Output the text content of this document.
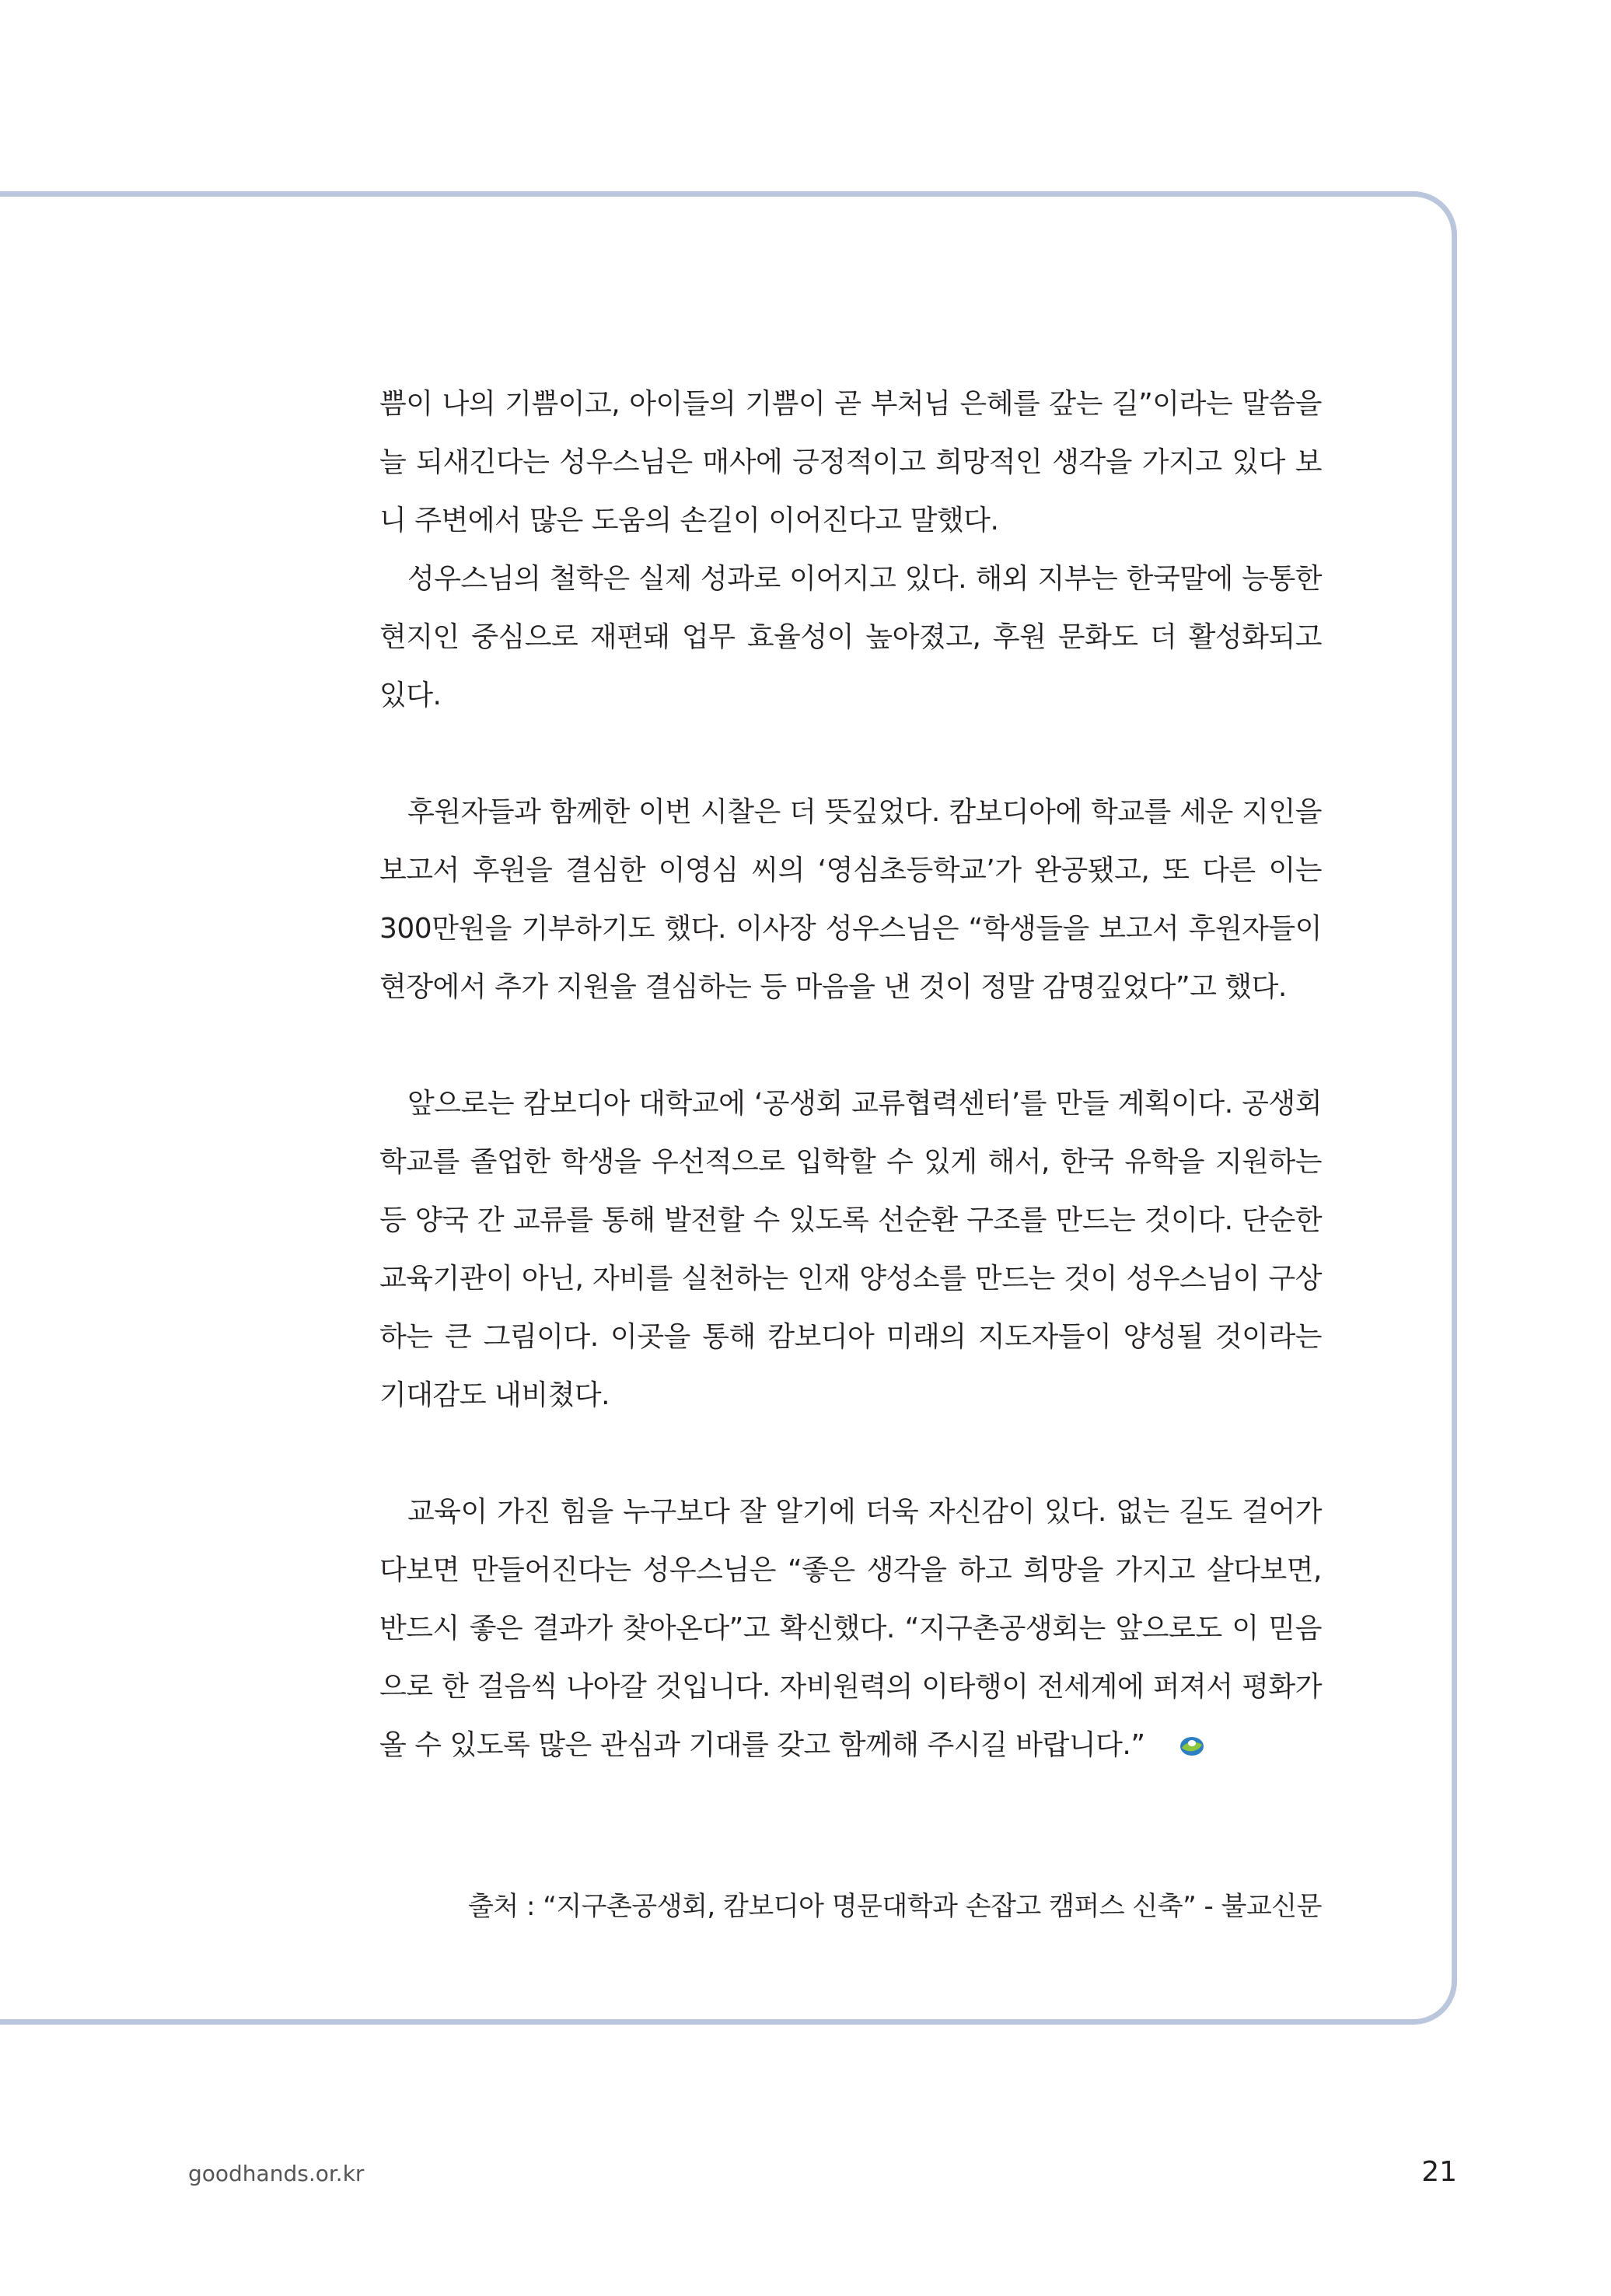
쁨이 나의 기쁨이고, 아이들의 기쁨이 곧 부처님 은혜를 갚는 길”이라는 말씀을 늘 되새긴다는 성우스님은 매사에 긍정적이고 희망적인 생각을 가지고 있다 보니 주변에서 많은 도움의 손길이 이어진다고 말했다.

성우스님의 철학은 실제 성과로 이어지고 있다. 해외 지부는 한국말에 능통한 현지인 중심으로 재편돼 업무 효율성이 높아졌고, 후원 문화도 더 활성화되고 있다.

후원자들과 함께한 이번 시찰은 더 뜻깊었다. 캄보디아에 학교를 세운 지인을 보고서 후원을 결심한 이영심 씨의 ‘영심초등학교’가 완공됐고, 또 다른 이는 300만원을 기부하기도 했다. 이사장 성우스님은 “학생들을 보고서 후원자들이 현장에서 추가 지원을 결심하는 등 마음을 낸 것이 정말 감명깊었다”고 했다.

앞으로는 캄보디아 대학교에 ‘공생회 교류협력센터’를 만들 계획이다. 공생회 학교를 졸업한 학생을 우선적으로 입학할 수 있게 해서, 한국 유학을 지원하는 등 양국 간 교류를 통해 발전할 수 있도록 선순환 구조를 만드는 것이다. 단순한 교육기관이 아닌, 자비를 실천하는 인재 양성소를 만드는 것이 성우스님이 구상하는 큰 그림이다. 이곳을 통해 캄보디아 미래의 지도자들이 양성될 것이라는 기대감도 내비쳤다.

교육이 가진 힘을 누구보다 잘 알기에 더욱 자신감이 있다. 없는 길도 걸어가다보면 만들어진다는 성우스님은 “좋은 생각을 하고 희망을 가지고 살다보면, 반드시 좋은 결과가 찾아온다”고 확신했다. “지구촌공생회는 앞으로도 이 믿음으로 한 걸음씩 나아갈 것입니다. 자비원력의 이타행이 전세계에 퍼져서 평화가 올 수 있도록 많은 관심과 기대를 갖고 함께해 주시길 바랍니다.”

출처 : “지구촌공생회, 캄보디아 명문대학과 손잡고 캠퍼스 신축” - 불교신문
goodhands.or.kr	21
